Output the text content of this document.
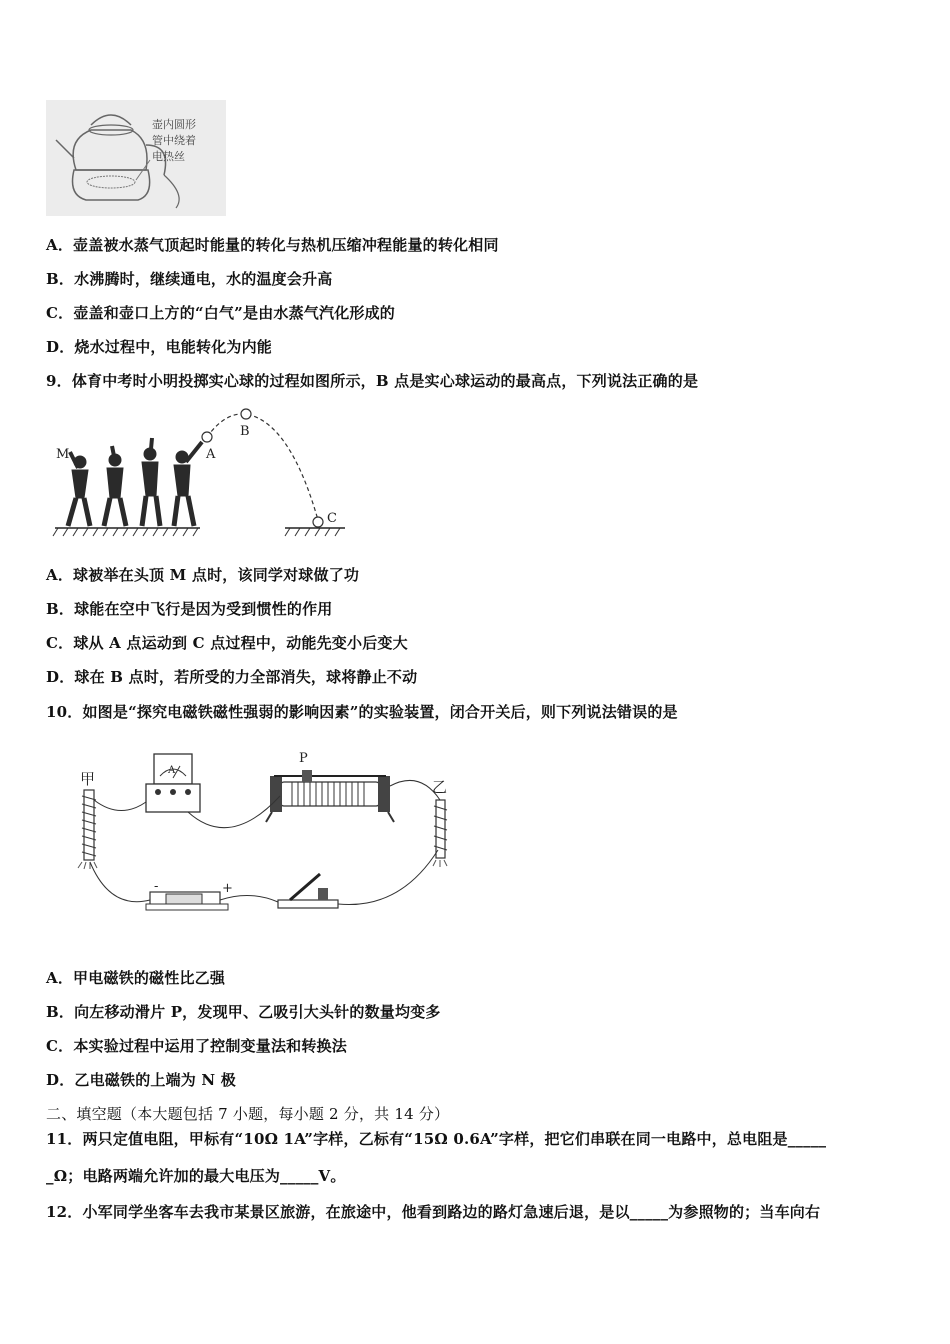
壶内圆形
管中绕着
电热丝
A．壶盖被水蒸气顶起时能量的转化与热机压缩冲程能量的转化相同
B．水沸腾时，继续通电，水的温度会升高
C．壶盖和壶口上方的“白气”是由水蒸气汽化形成的
D．烧水过程中，电能转化为内能
9．体育中考时小明投掷实心球的过程如图所示，B 点是实心球运动的最高点，下列说法正确的是
M	A
B
C
A．球被举在头顶 M 点时，该同学对球做了功
B．球能在空中飞行是因为受到惯性的作用
C．球从 A 点运动到 C 点过程中，动能先变小后变大
D．球在 B 点时，若所受的力全部消失，球将静止不动
10．如图是“探究电磁铁磁性强弱的影响因素”的实验装置，闭合开关后，则下列说法错误的是
A
P
-	+
甲	乙
A．甲电磁铁的磁性比乙强
B．向左移动滑片 P，发现甲、乙吸引大头针的数量均变多
C．本实验过程中运用了控制变量法和转换法
D．乙电磁铁的上端为 N 极
二、填空题（本大题包括 7 小题，每小题 2 分，共 14 分）
11．两只定值电阻，甲标有“10Ω 1A”字样，乙标有“15Ω 0.6A”字样，把它们串联在同一电路中，总电阻是_____
_Ω；电路两端允许加的最大电压为_____V。
12．小军同学坐客车去我市某景区旅游，在旅途中，他看到路边的路灯急速后退，是以_____为参照物的；当车向右
